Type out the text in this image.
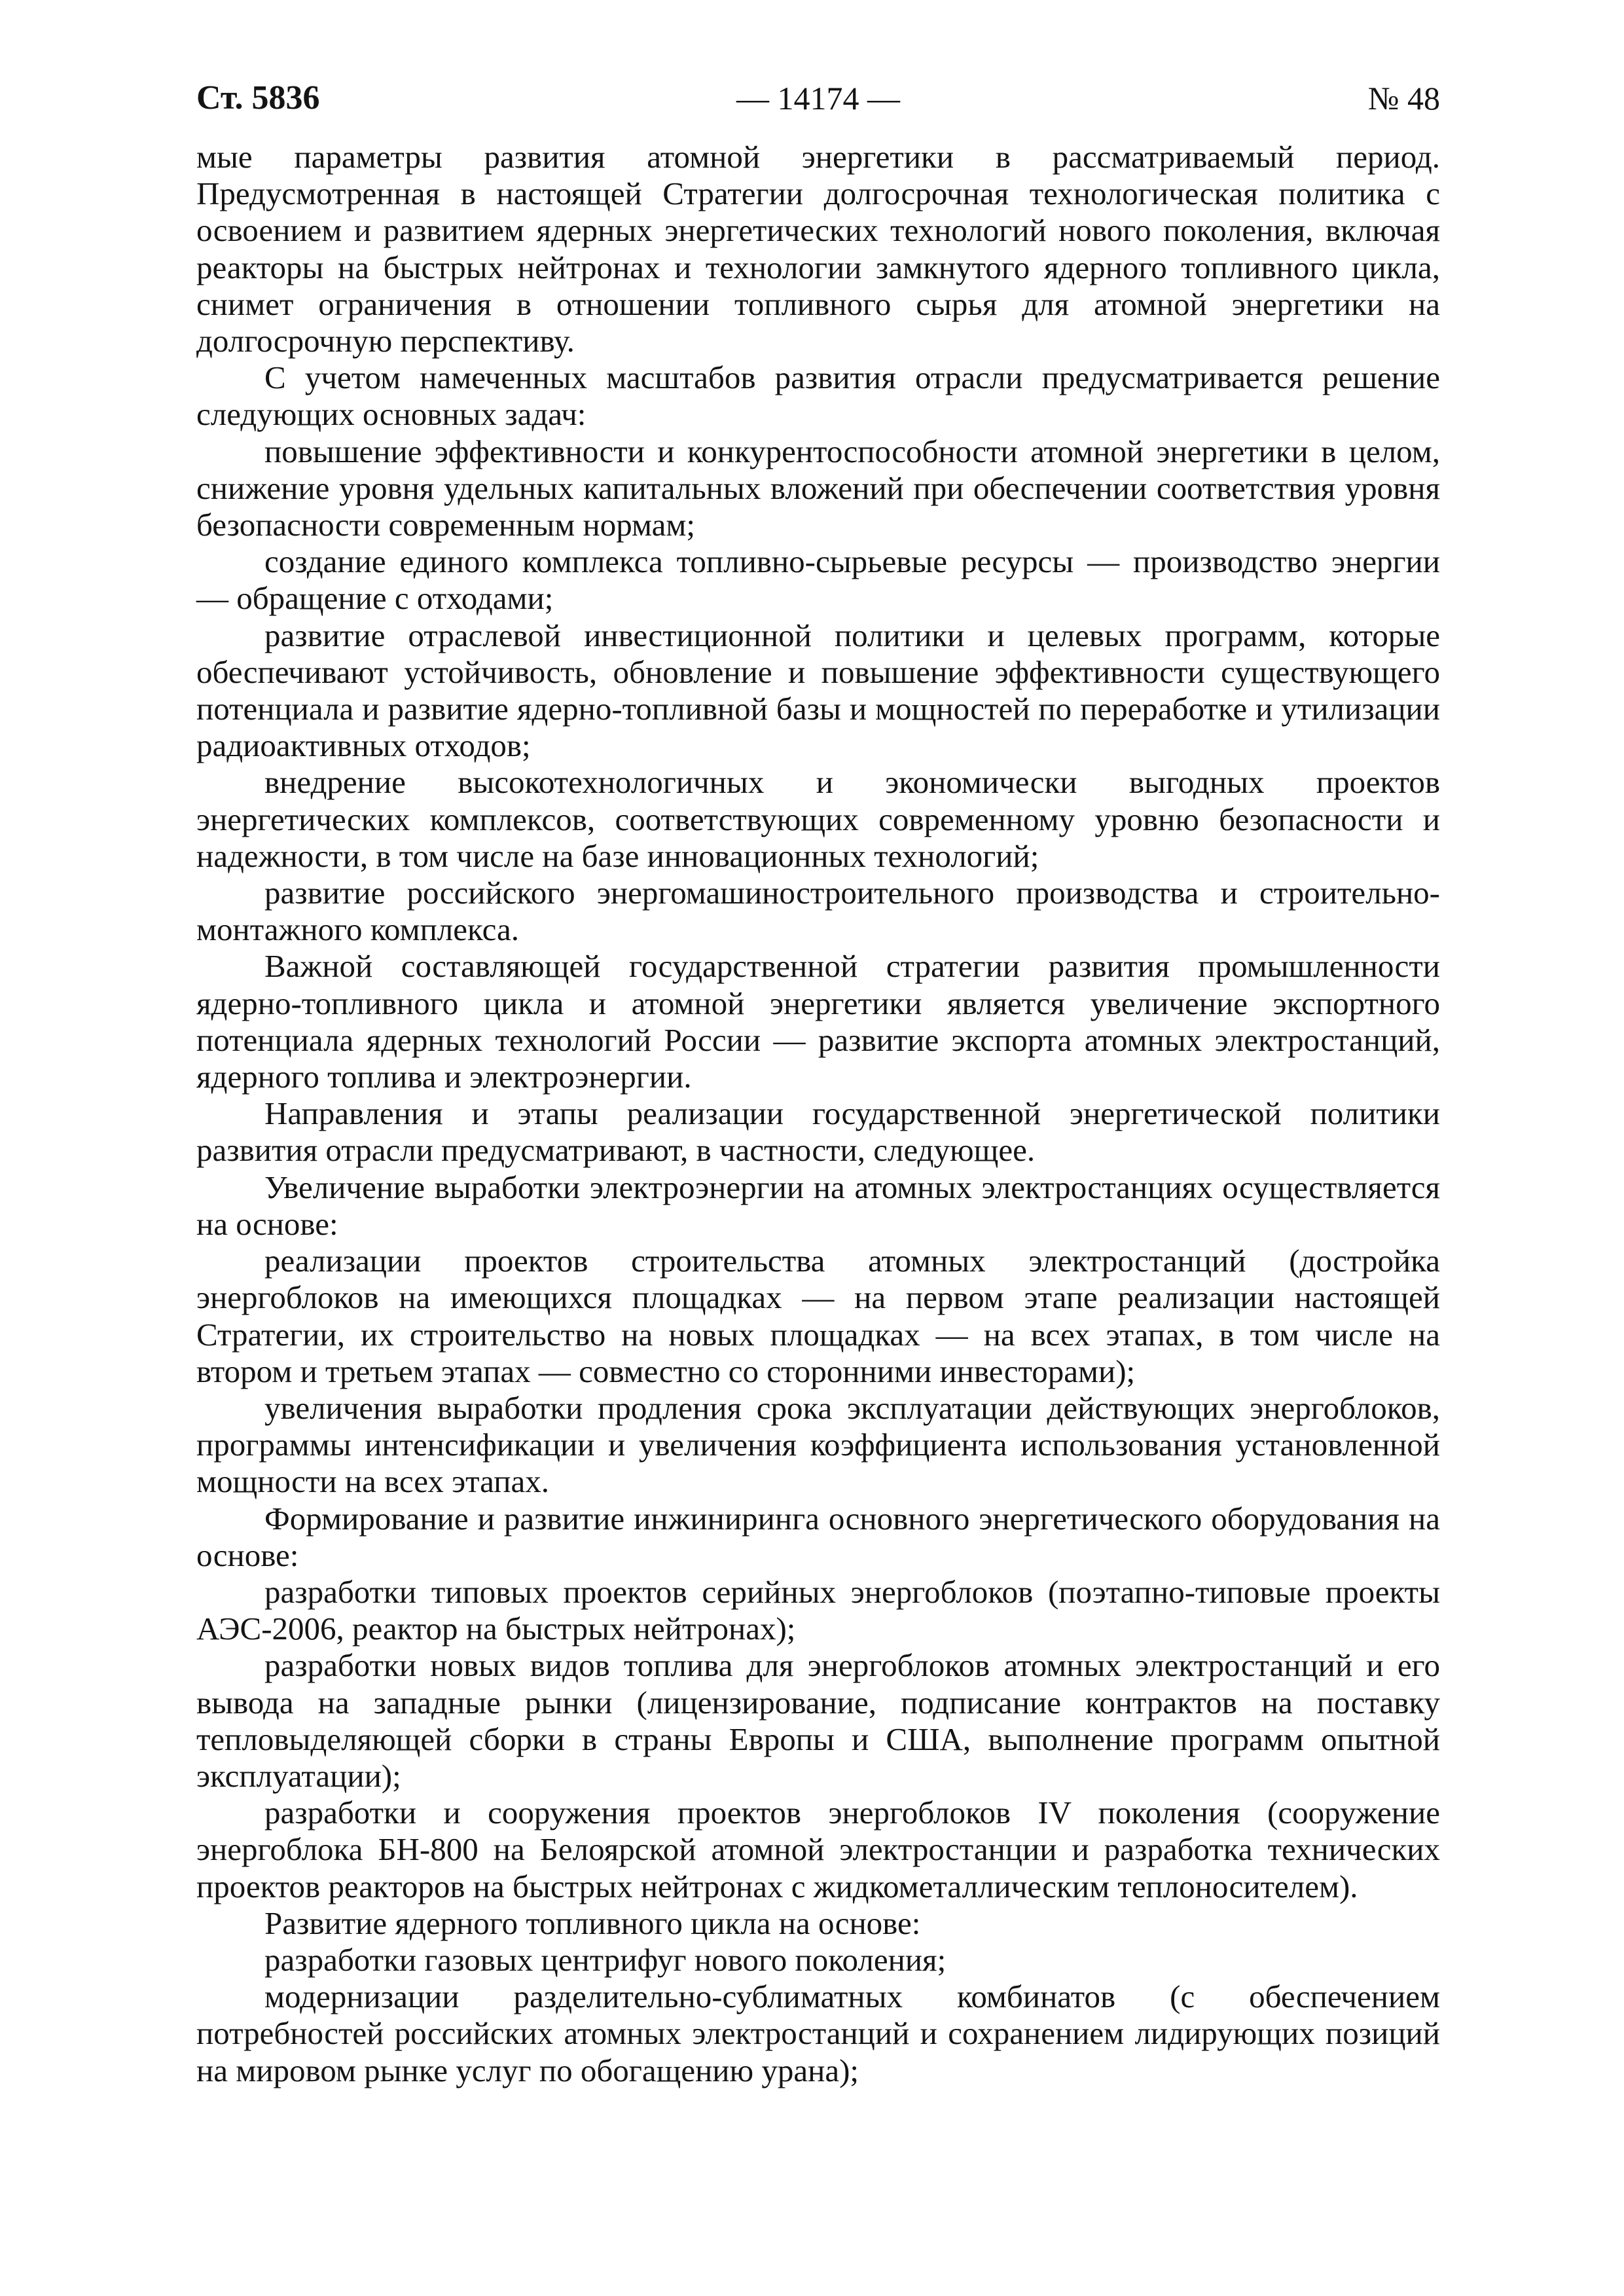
Ст. 5836	— 14174 —	№ 48

мые параметры развития атомной энергетики в рассматриваемый период. Предусмотренная в настоящей Стратегии долгосрочная технологическая политика с освоением и развитием ядерных энергетических технологий нового поколения, включая реакторы на быстрых нейтронах и технологии замкнутого ядерного топливного цикла, снимет ограничения в отношении топливного сырья для атомной энергетики на долгосрочную перспективу.

С учетом намеченных масштабов развития отрасли предусматривается решение следующих основных задач:

повышение эффективности и конкурентоспособности атомной энергетики в целом, снижение уровня удельных капитальных вложений при обеспечении соответствия уровня безопасности современным нормам;

создание единого комплекса топливно-сырьевые ресурсы — производство энергии — обращение с отходами;

развитие отраслевой инвестиционной политики и целевых программ, которые обеспечивают устойчивость, обновление и повышение эффективности существующего потенциала и развитие ядерно-топливной базы и мощностей по переработке и утилизации радиоактивных отходов;

внедрение высокотехнологичных и экономически выгодных проектов энергетических комплексов, соответствующих современному уровню безопасности и надежности, в том числе на базе инновационных технологий;

развитие российского энергомашиностроительного производства и строительно-монтажного комплекса.

Важной составляющей государственной стратегии развития промышленности ядерно-топливного цикла и атомной энергетики является увеличение экспортного потенциала ядерных технологий России — развитие экспорта атомных электростанций, ядерного топлива и электроэнергии.

Направления и этапы реализации государственной энергетической политики развития отрасли предусматривают, в частности, следующее.

Увеличение выработки электроэнергии на атомных электростанциях осуществляется на основе:

реализации проектов строительства атомных электростанций (достройка энергоблоков на имеющихся площадках — на первом этапе реализации настоящей Стратегии, их строительство на новых площадках — на всех этапах, в том числе на втором и третьем этапах — совместно со сторонними инвесторами);

увеличения выработки продления срока эксплуатации действующих энергоблоков, программы интенсификации и увеличения коэффициента использования установленной мощности на всех этапах.

Формирование и развитие инжиниринга основного энергетического оборудования на основе:

разработки типовых проектов серийных энергоблоков (поэтапно-типовые проекты АЭС-2006, реактор на быстрых нейтронах);

разработки новых видов топлива для энергоблоков атомных электростанций и его вывода на западные рынки (лицензирование, подписание контрактов на поставку тепловыделяющей сборки в страны Европы и США, выполнение программ опытной эксплуатации);

разработки и сооружения проектов энергоблоков IV поколения (сооружение энергоблока БН-800 на Белоярской атомной электростанции и разработка технических проектов реакторов на быстрых нейтронах с жидкометаллическим теплоносителем).

Развитие ядерного топливного цикла на основе:

разработки газовых центрифуг нового поколения;

модернизации разделительно-сублиматных комбинатов (с обеспечением потребностей российских атомных электростанций и сохранением лидирующих позиций на мировом рынке услуг по обогащению урана);
